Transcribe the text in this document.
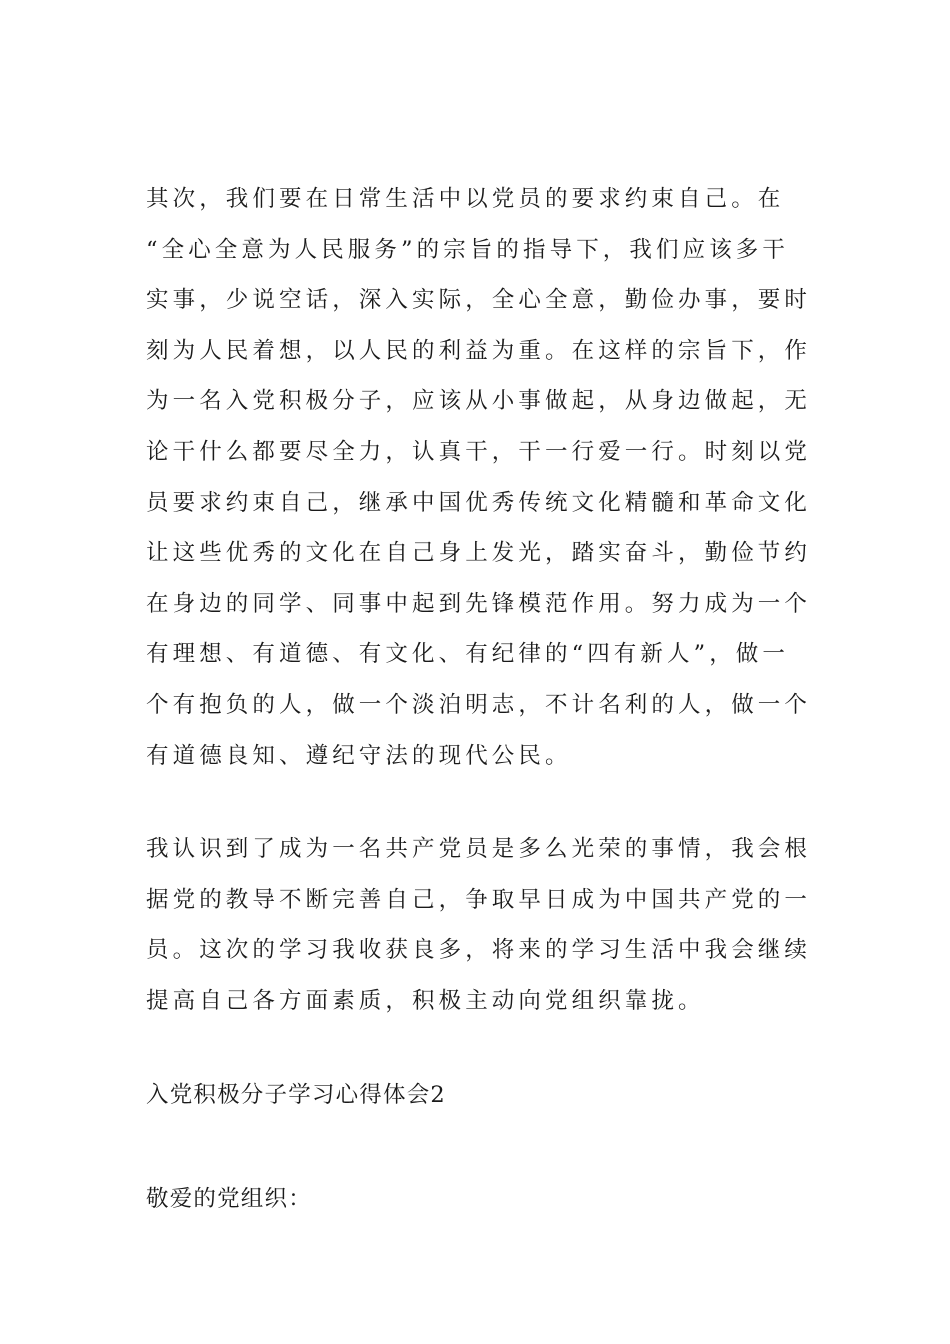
其次，我们要在日常生活中以党员的要求约束自己。在
“全心全意为人民服务”的宗旨的指导下，我们应该多干
实事，少说空话，深入实际，全心全意，勤俭办事，要时
刻为人民着想，以人民的利益为重。在这样的宗旨下，作
为一名入党积极分子，应该从小事做起，从身边做起，无
论干什么都要尽全力，认真干，干一行爱一行。时刻以党
员要求约束自己，继承中国优秀传统文化精髓和革命文化
让这些优秀的文化在自己身上发光，踏实奋斗，勤俭节约
在身边的同学、同事中起到先锋模范作用。努力成为一个
有理想、有道德、有文化、有纪律的“四有新人”，做一
个有抱负的人，做一个淡泊明志，不计名利的人，做一个
有道德良知、遵纪守法的现代公民。
我认识到了成为一名共产党员是多么光荣的事情，我会根
据党的教导不断完善自己，争取早日成为中国共产党的一
员。这次的学习我收获良多，将来的学习生活中我会继续
提高自己各方面素质，积极主动向党组织靠拢。
入党积极分子学习心得体会2
敬爱的党组织：
